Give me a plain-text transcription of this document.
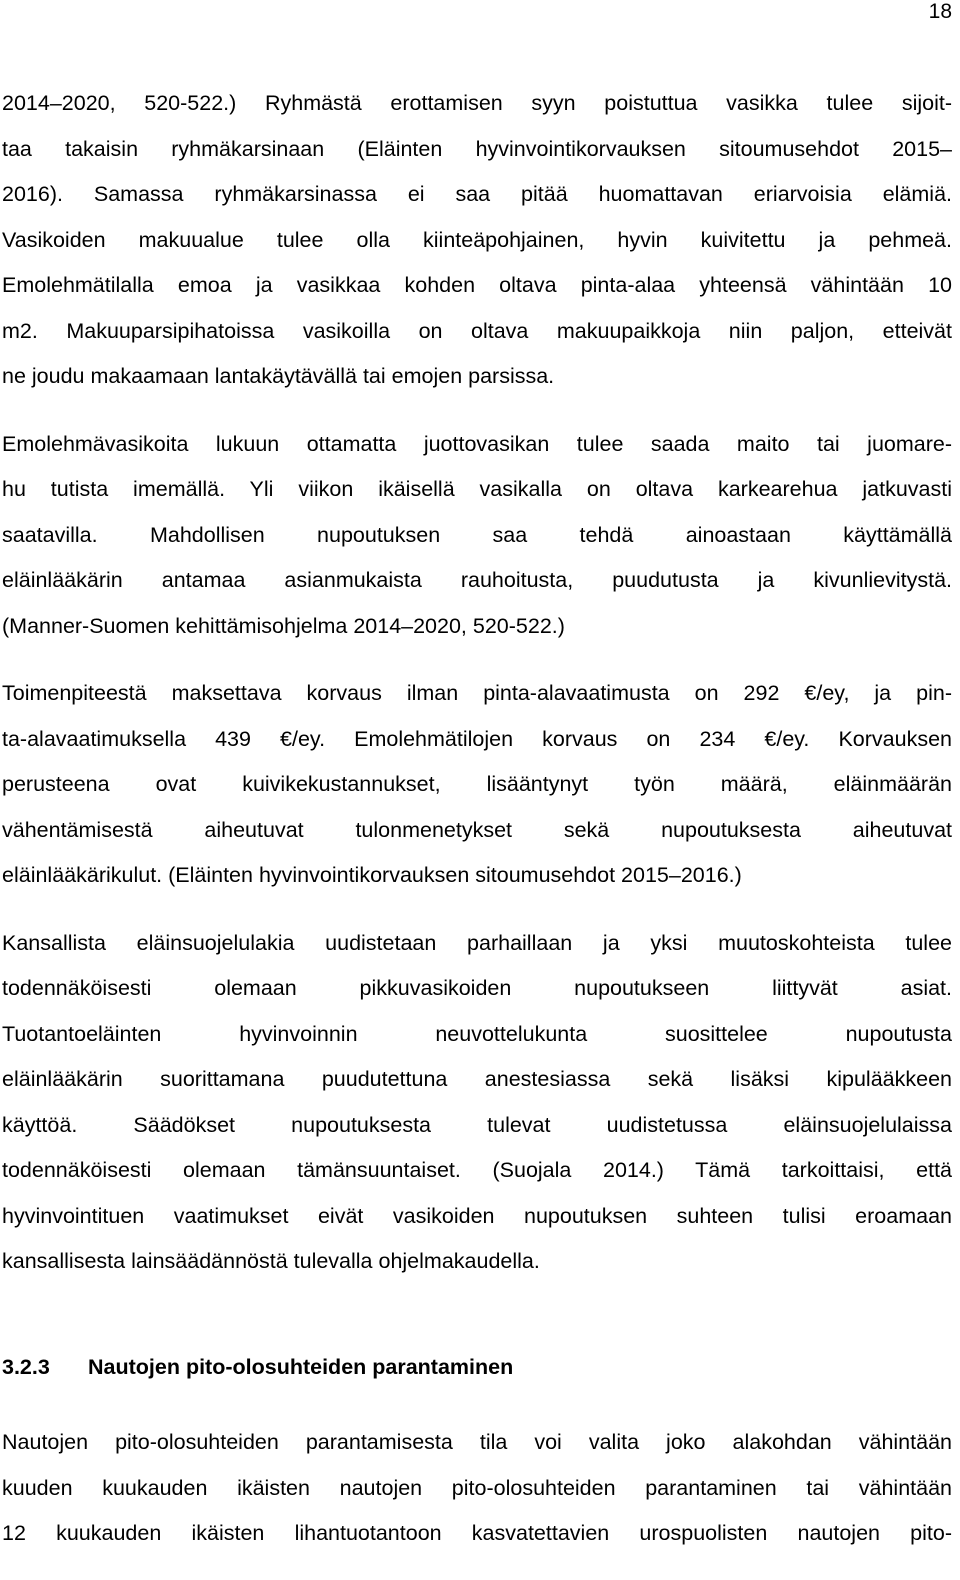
18
2014–2020, 520-522.) Ryhmästä erottamisen syyn poistuttua vasikka tulee sijoit-
taa takaisin ryhmäkarsinaan (Eläinten hyvinvointikorvauksen sitoumusehdot 2015–
2016). Samassa ryhmäkarsinassa ei saa pitää huomattavan eriarvoisia elämiä.
Vasikoiden makuualue tulee olla kiinteäpohjainen, hyvin kuivitettu ja pehmeä.
Emolehmätilalla emoa ja vasikkaa kohden oltava pinta-alaa yhteensä vähintään 10
m2. Makuuparsipihatoissa vasikoilla on oltava makuupaikkoja niin paljon, etteivät
ne joudu makaamaan lantakäytävällä tai emojen parsissa.
Emolehmävasikoita lukuun ottamatta juottovasikan tulee saada maito tai juomare-
hu tutista imemällä. Yli viikon ikäisellä vasikalla on oltava karkearehua jatkuvasti
saatavilla. Mahdollisen nupoutuksen saa tehdä ainoastaan käyttämällä
eläinlääkärin antamaa asianmukaista rauhoitusta, puudutusta ja kivunlievitystä.
(Manner-Suomen kehittämisohjelma 2014–2020, 520-522.)
Toimenpiteestä maksettava korvaus ilman pinta-alavaatimusta on 292 €/ey, ja pin-
ta-alavaatimuksella 439 €/ey. Emolehmätilojen korvaus on 234 €/ey. Korvauksen
perusteena ovat kuivikekustannukset, lisääntynyt työn määrä, eläinmäärän
vähentämisestä aiheutuvat tulonmenetykset sekä nupoutuksesta aiheutuvat
eläinlääkärikulut. (Eläinten hyvinvointikorvauksen sitoumusehdot 2015–2016.)
Kansallista eläinsuojelulakia uudistetaan parhaillaan ja yksi muutoskohteista tulee
todennäköisesti olemaan pikkuvasikoiden nupoutukseen liittyvät asiat.
Tuotantoeläinten hyvinvoinnin neuvottelukunta suosittelee nupoutusta
eläinlääkärin suorittamana puudutettuna anestesiassa sekä lisäksi kipulääkkeen
käyttöä. Säädökset nupoutuksesta tulevat uudistetussa eläinsuojelulaissa
todennäköisesti olemaan tämänsuuntaiset. (Suojala 2014.) Tämä tarkoittaisi, että
hyvinvointituen vaatimukset eivät vasikoiden nupoutuksen suhteen tulisi eroamaan
kansallisesta lainsäädännöstä tulevalla ohjelmakaudella.
3.2.3	Nautojen pito-olosuhteiden parantaminen
Nautojen pito-olosuhteiden parantamisesta tila voi valita joko alakohdan vähintään
kuuden kuukauden ikäisten nautojen pito-olosuhteiden parantaminen tai vähintään
12 kuukauden ikäisten lihantuotantoon kasvatettavien urospuolisten nautojen pito-
